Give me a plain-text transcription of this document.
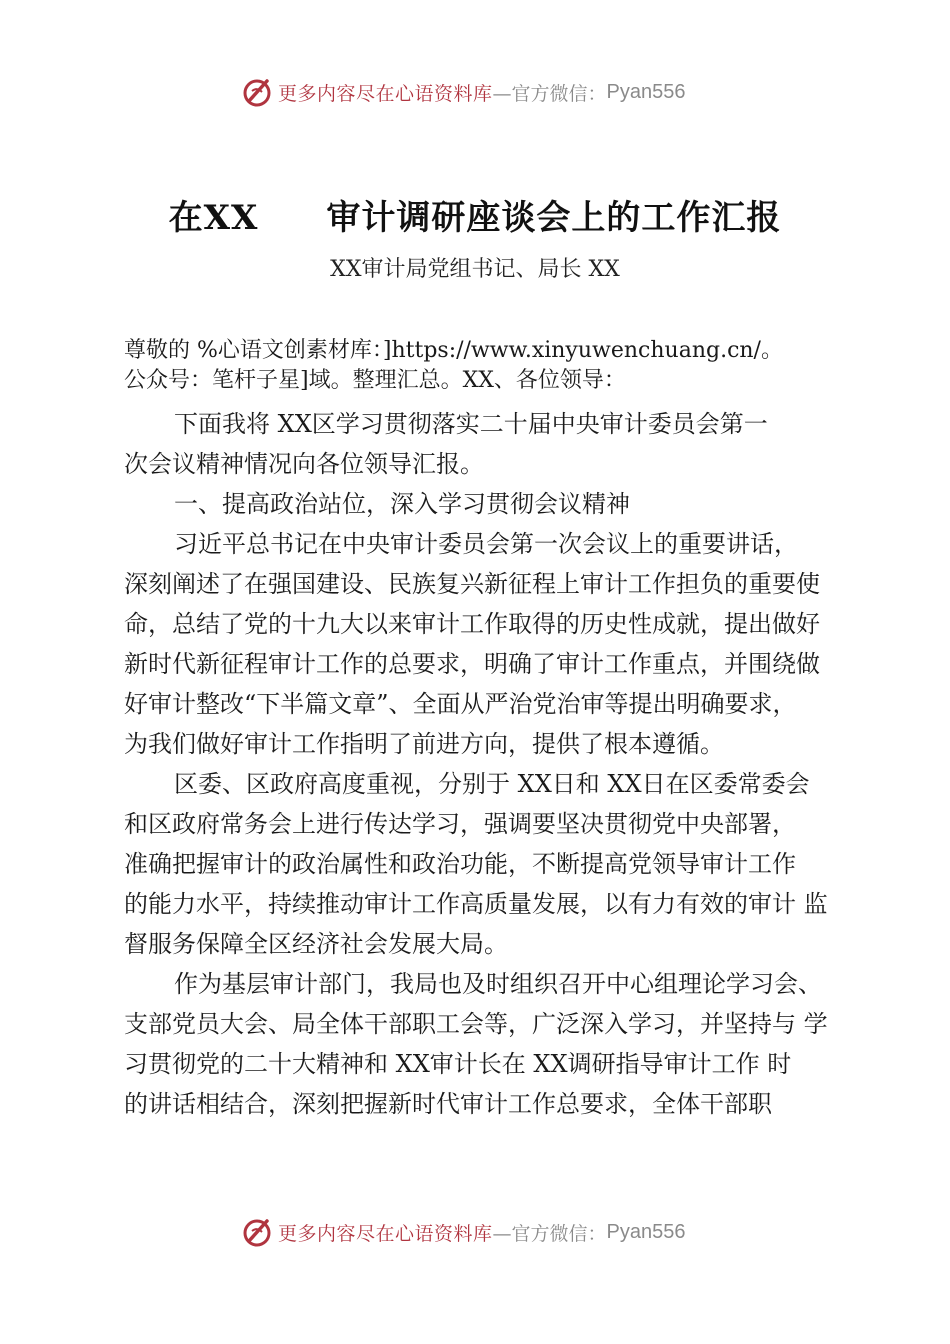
更多内容尽在心语资料库 —官方微信： Pyan556
在XX 审计调研座谈会上的工作汇报
XX审计局党组书记、局长 XX
尊敬的 %心语文创素材库：]https://www.xinyuwenchuang.cn/。
公众号：笔杆子星]域。整理汇总。XX、各位领导：
下面我将 XX区学习贯彻落实二十届中央审计委员会第一
次会议精神情况向各位领导汇报。
一、提高政治站位，深入学习贯彻会议精神
习近平总书记在中央审计委员会第一次会议上的重要讲话，
深刻阐述了在强国建设、民族复兴新征程上审计工作担负的重要使
命，总结了党的十九大以来审计工作取得的历史性成就，提出做好
新时代新征程审计工作的总要求，明确了审计工作重点，并围绕做
好审计整改“下半篇文章”、全面从严治党治审等提出明确要求，
为我们做好审计工作指明了前进方向，提供了根本遵循。
区委、区政府高度重视，分别于 XX日和 XX日在区委常委会
和区政府常务会上进行传达学习，强调要坚决贯彻党中央部署，
准确把握审计的政治属性和政治功能，不断提高党领导审计工作
的能力水平，持续推动审计工作高质量发展，以有力有效的审计 监
督服务保障全区经济社会发展大局。
作为基层审计部门，我局也及时组织召开中心组理论学习会、
支部党员大会、局全体干部职工会等，广泛深入学习，并坚持与 学
习贯彻党的二十大精神和 XX审计长在 XX调研指导审计工作 时
的讲话相结合，深刻把握新时代审计工作总要求，全体干部职
更多内容尽在心语资料库 —官方微信： Pyan556
